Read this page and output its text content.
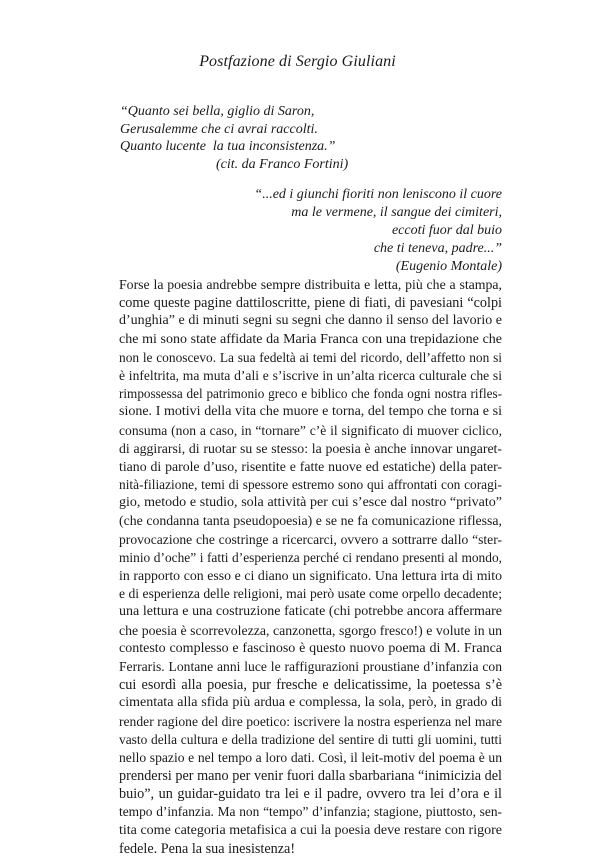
Postfazione di Sergio Giuliani
“Quanto sei bella, giglio di Saron,
Gerusalemme che ci avrai raccolti.
Quanto lucente  la tua inconsistenza.”
(cit. da Franco Fortini)
“...ed i giunchi fioriti non leniscono il cuore
ma le vermene, il sangue dei cimiteri,
eccoti fuor dal buio
che ti teneva, padre...”
(Eugenio Montale)
Forse la poesia andrebbe sempre distribuita e letta, più che a stampa,
come queste pagine dattiloscritte, piene di fiati, di pavesiani “colpi
d’unghia” e di minuti segni su segni che danno il senso del lavorio e
che mi sono state affidate da Maria Franca con una trepidazione che
non le conoscevo. La sua fedeltà ai temi del ricordo, dell’affetto non si
è infeltrita, ma muta d’ali e s’iscrive in un’alta ricerca culturale che si
rimpossessa del patrimonio greco e biblico che fonda ogni nostra rifles-
sione. I motivi della vita che muore e torna, del tempo che torna e si
consuma (non a caso, in “tornare” c’è il significato di muover ciclico,
di aggirarsi, di ruotar su se stesso: la poesia è anche innovar ungaret-
tiano di parole d’uso, risentite e fatte nuove ed estatiche) della pater-
nità-filiazione, temi di spessore estremo sono qui affrontati con coragi-
gio, metodo e studio, sola attività per cui s’esce dal nostro “privato”
(che condanna tanta pseudopoesia) e se ne fa comunicazione riflessa,
provocazione che costringe a ricercarci, ovvero a sottrarre dallo “ster-
minio d’oche” i fatti d’esperienza perché ci rendano presenti al mondo,
in rapporto con esso e ci diano un significato. Una lettura irta di mito
e di esperienza delle religioni, mai però usate come orpello decadente;
una lettura e una costruzione faticate (chi potrebbe ancora affermare
che poesia è scorrevolezza, canzonetta, sgorgo fresco!) e volute in un
contesto complesso e fascinoso è questo nuovo poema di M. Franca
Ferraris. Lontane anni luce le raffigurazioni proustiane d’infanzia con
cui esordì alla poesia, pur fresche e delicatissime, la poetessa s’è
cimentata alla sfida più ardua e complessa, la sola, però, in grado di
render ragione del dire poetico: iscrivere la nostra esperienza nel mare
vasto della cultura e della tradizione del sentire di tutti gli uomini, tutti
nello spazio e nel tempo a loro dati. Così, il leit-motiv del poema è un
prendersi per mano per venir fuori dalla sbarbariana “inimicizia del
buio”, un guidar-guidato tra lei e il padre, ovvero tra lei d’ora e il
tempo d’infanzia. Ma non “tempo” d’infanzia; stagione, piuttosto, sen-
tita come categoria metafisica a cui la poesia deve restare con rigore
fedele. Pena la sua inesistenza!
